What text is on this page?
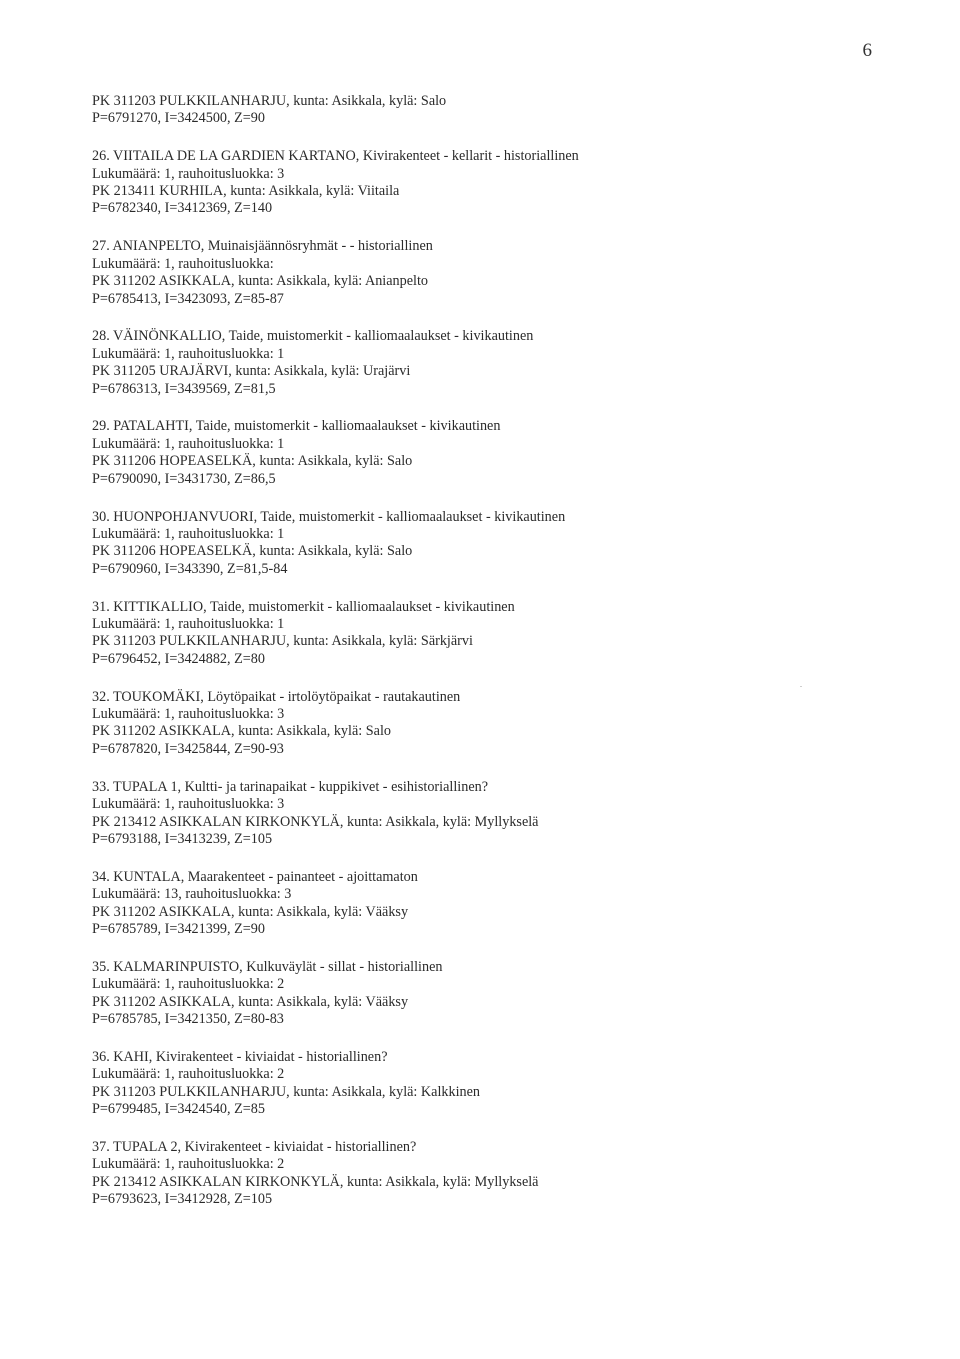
6
PK 311203 PULKKILANHARJU, kunta: Asikkala, kylä: Salo
P=6791270, I=3424500, Z=90
26. VIITAILA DE LA GARDIEN KARTANO, Kivirakenteet - kellarit - historiallinen
Lukumäärä: 1, rauhoitusluokka: 3
PK 213411 KURHILA, kunta: Asikkala, kylä: Viitaila
P=6782340, I=3412369, Z=140
27. ANIANPELTO, Muinaisjäännösryhmät - - historiallinen
Lukumäärä: 1, rauhoitusluokka:
PK 311202 ASIKKALA, kunta: Asikkala, kylä: Anianpelto
P=6785413, I=3423093, Z=85-87
28. VÄINÖNKALLIO, Taide, muistomerkit - kalliomaalaukset - kivikautinen
Lukumäärä: 1, rauhoitusluokka: 1
PK 311205 URAJÄRVI, kunta: Asikkala, kylä: Urajärvi
P=6786313, I=3439569, Z=81,5
29. PATALAHTI, Taide, muistomerkit - kalliomaalaukset - kivikautinen
Lukumäärä: 1, rauhoitusluokka: 1
PK 311206 HOPEASELKÄ, kunta: Asikkala, kylä: Salo
P=6790090, I=3431730, Z=86,5
30. HUONPOHJANVUORI, Taide, muistomerkit - kalliomaalaukset - kivikautinen
Lukumäärä: 1, rauhoitusluokka: 1
PK 311206 HOPEASELKÄ, kunta: Asikkala, kylä: Salo
P=6790960, I=343390, Z=81,5-84
31. KITTIKALLIO, Taide, muistomerkit - kalliomaalaukset - kivikautinen
Lukumäärä: 1, rauhoitusluokka: 1
PK 311203 PULKKILANHARJU, kunta: Asikkala, kylä: Särkjärvi
P=6796452, I=3424882, Z=80
32. TOUKOMÄKI, Löytöpaikat - irtolöytöpaikat - rautakautinen
Lukumäärä: 1, rauhoitusluokka: 3
PK 311202 ASIKKALA, kunta: Asikkala, kylä: Salo
P=6787820, I=3425844, Z=90-93
33. TUPALA 1, Kultti- ja tarinapaikat - kuppikivet - esihistoriallinen?
Lukumäärä: 1, rauhoitusluokka: 3
PK 213412 ASIKKALAN KIRKONKYLÄ, kunta: Asikkala, kylä: Myllykselä
P=6793188, I=3413239, Z=105
34. KUNTALA, Maarakenteet - painanteet - ajoittamaton
Lukumäärä: 13, rauhoitusluokka: 3
PK 311202 ASIKKALA, kunta: Asikkala, kylä: Vääksy
P=6785789, I=3421399, Z=90
35. KALMARINPUISTO, Kulkuväylät - sillat - historiallinen
Lukumäärä: 1, rauhoitusluokka: 2
PK 311202 ASIKKALA, kunta: Asikkala, kylä: Vääksy
P=6785785, I=3421350, Z=80-83
36. KAHI, Kivirakenteet - kiviaidat - historiallinen?
Lukumäärä: 1, rauhoitusluokka: 2
PK 311203 PULKKILANHARJU, kunta: Asikkala, kylä: Kalkkinen
P=6799485, I=3424540, Z=85
37. TUPALA 2, Kivirakenteet - kiviaidat - historiallinen?
Lukumäärä: 1, rauhoitusluokka: 2
PK 213412 ASIKKALAN KIRKONKYLÄ, kunta: Asikkala, kylä: Myllykselä
P=6793623, I=3412928, Z=105
